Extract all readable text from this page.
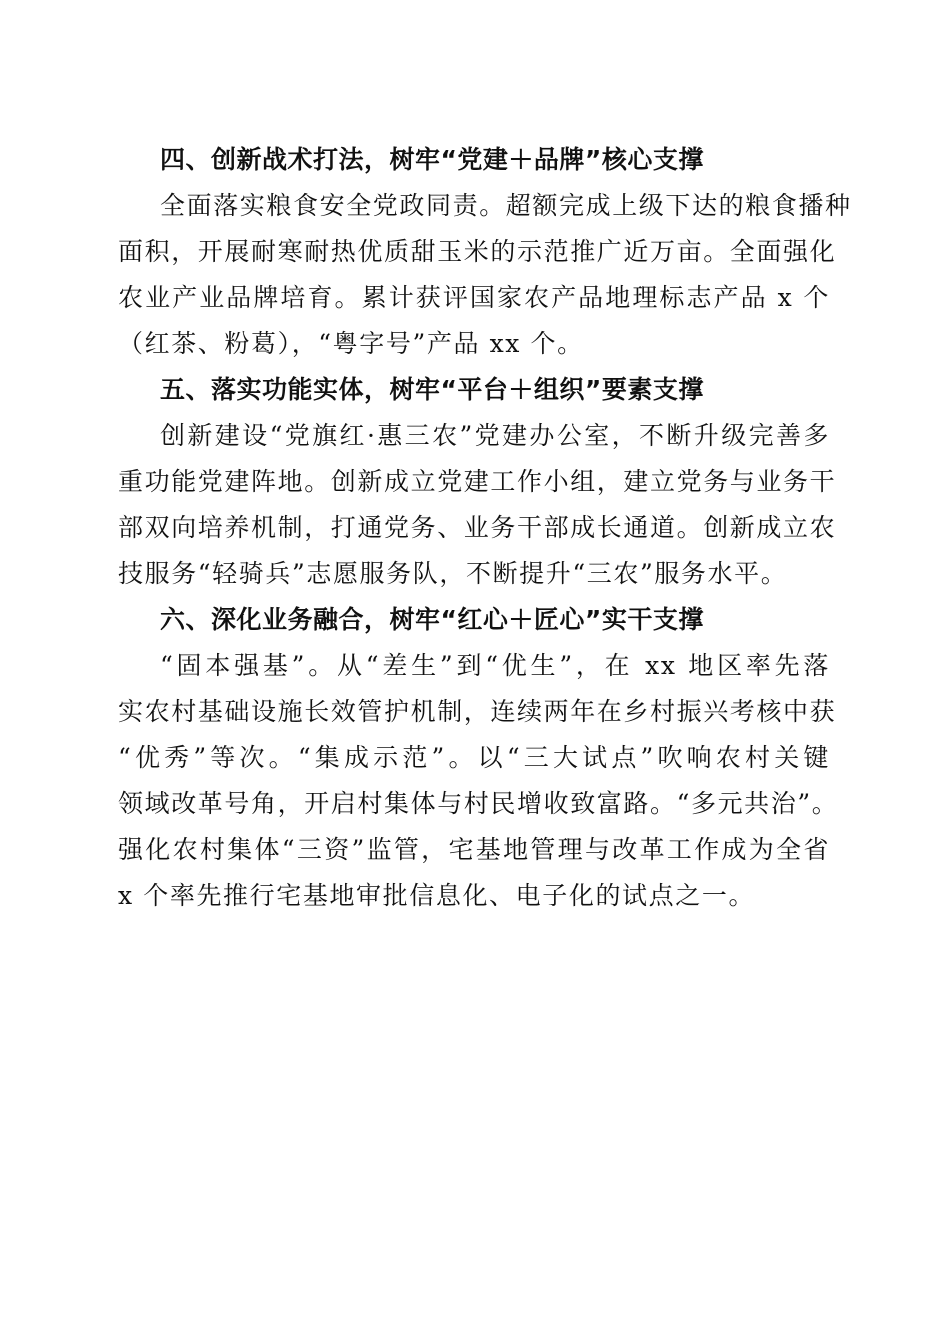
四、创新战术打法，树牢“党建＋品牌”核心支撑
全面落实粮食安全党政同责。超额完成上级下达的粮食播种
面积，开展耐寒耐热优质甜玉米的示范推广近万亩。全面强化
农业产业品牌培育。累计获评国家农产品地理标志产品 x 个
（红茶、粉葛），“粤字号”产品 xx 个。
五、落实功能实体，树牢“平台＋组织”要素支撑
创新建设“党旗红·惠三农”党建办公室，不断升级完善多
重功能党建阵地。创新成立党建工作小组，建立党务与业务干
部双向培养机制，打通党务、业务干部成长通道。创新成立农
技服务“轻骑兵”志愿服务队，不断提升“三农”服务水平。
六、深化业务融合，树牢“红心＋匠心”实干支撑
“固本强基”。从“差生”到“优生”，在 xx 地区率先落
实农村基础设施长效管护机制，连续两年在乡村振兴考核中获
“优秀”等次。“集成示范”。以“三大试点”吹响农村关键
领域改革号角，开启村集体与村民增收致富路。“多元共治”。
强化农村集体“三资”监管，宅基地管理与改革工作成为全省
x 个率先推行宅基地审批信息化、电子化的试点之一。
